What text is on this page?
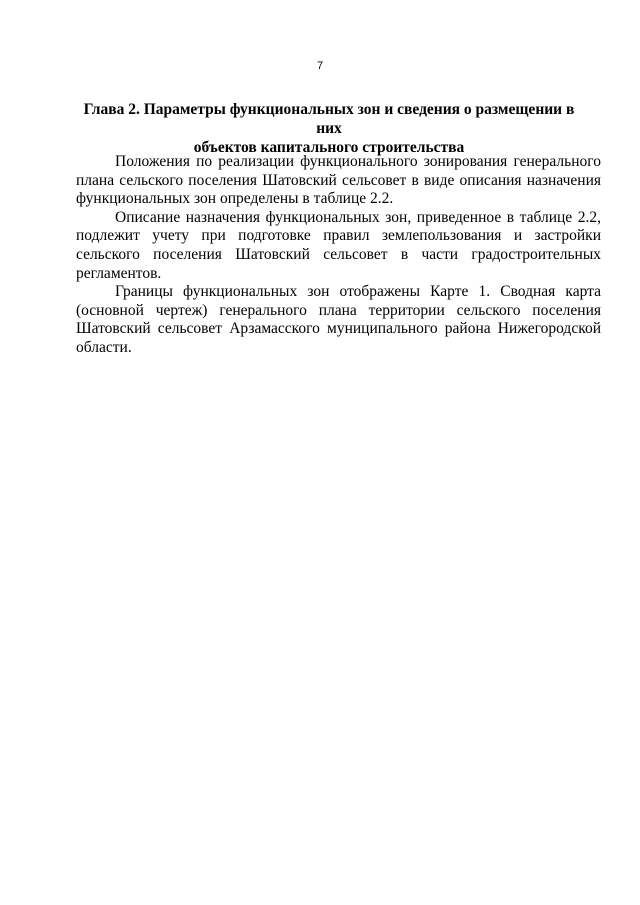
7
Глава 2. Параметры функциональных зон и сведения о размещении в них
объектов капитального строительства

Положения по реализации функционального зонирования генерального плана сельского поселения Шатовский сельсовет в виде описания назначения функциональных зон определены в таблице 2.2.

Описание назначения функциональных зон, приведенное в таблице 2.2, подлежит учету при подготовке правил землепользования и застройки сельского поселения Шатовский сельсовет в части градостроительных регламентов.

Границы функциональных зон отображены Карте 1. Сводная карта (основной чертеж) генерального плана территории сельского поселения Шатовский сельсовет Арзамасского муниципального района Нижегородской области.
